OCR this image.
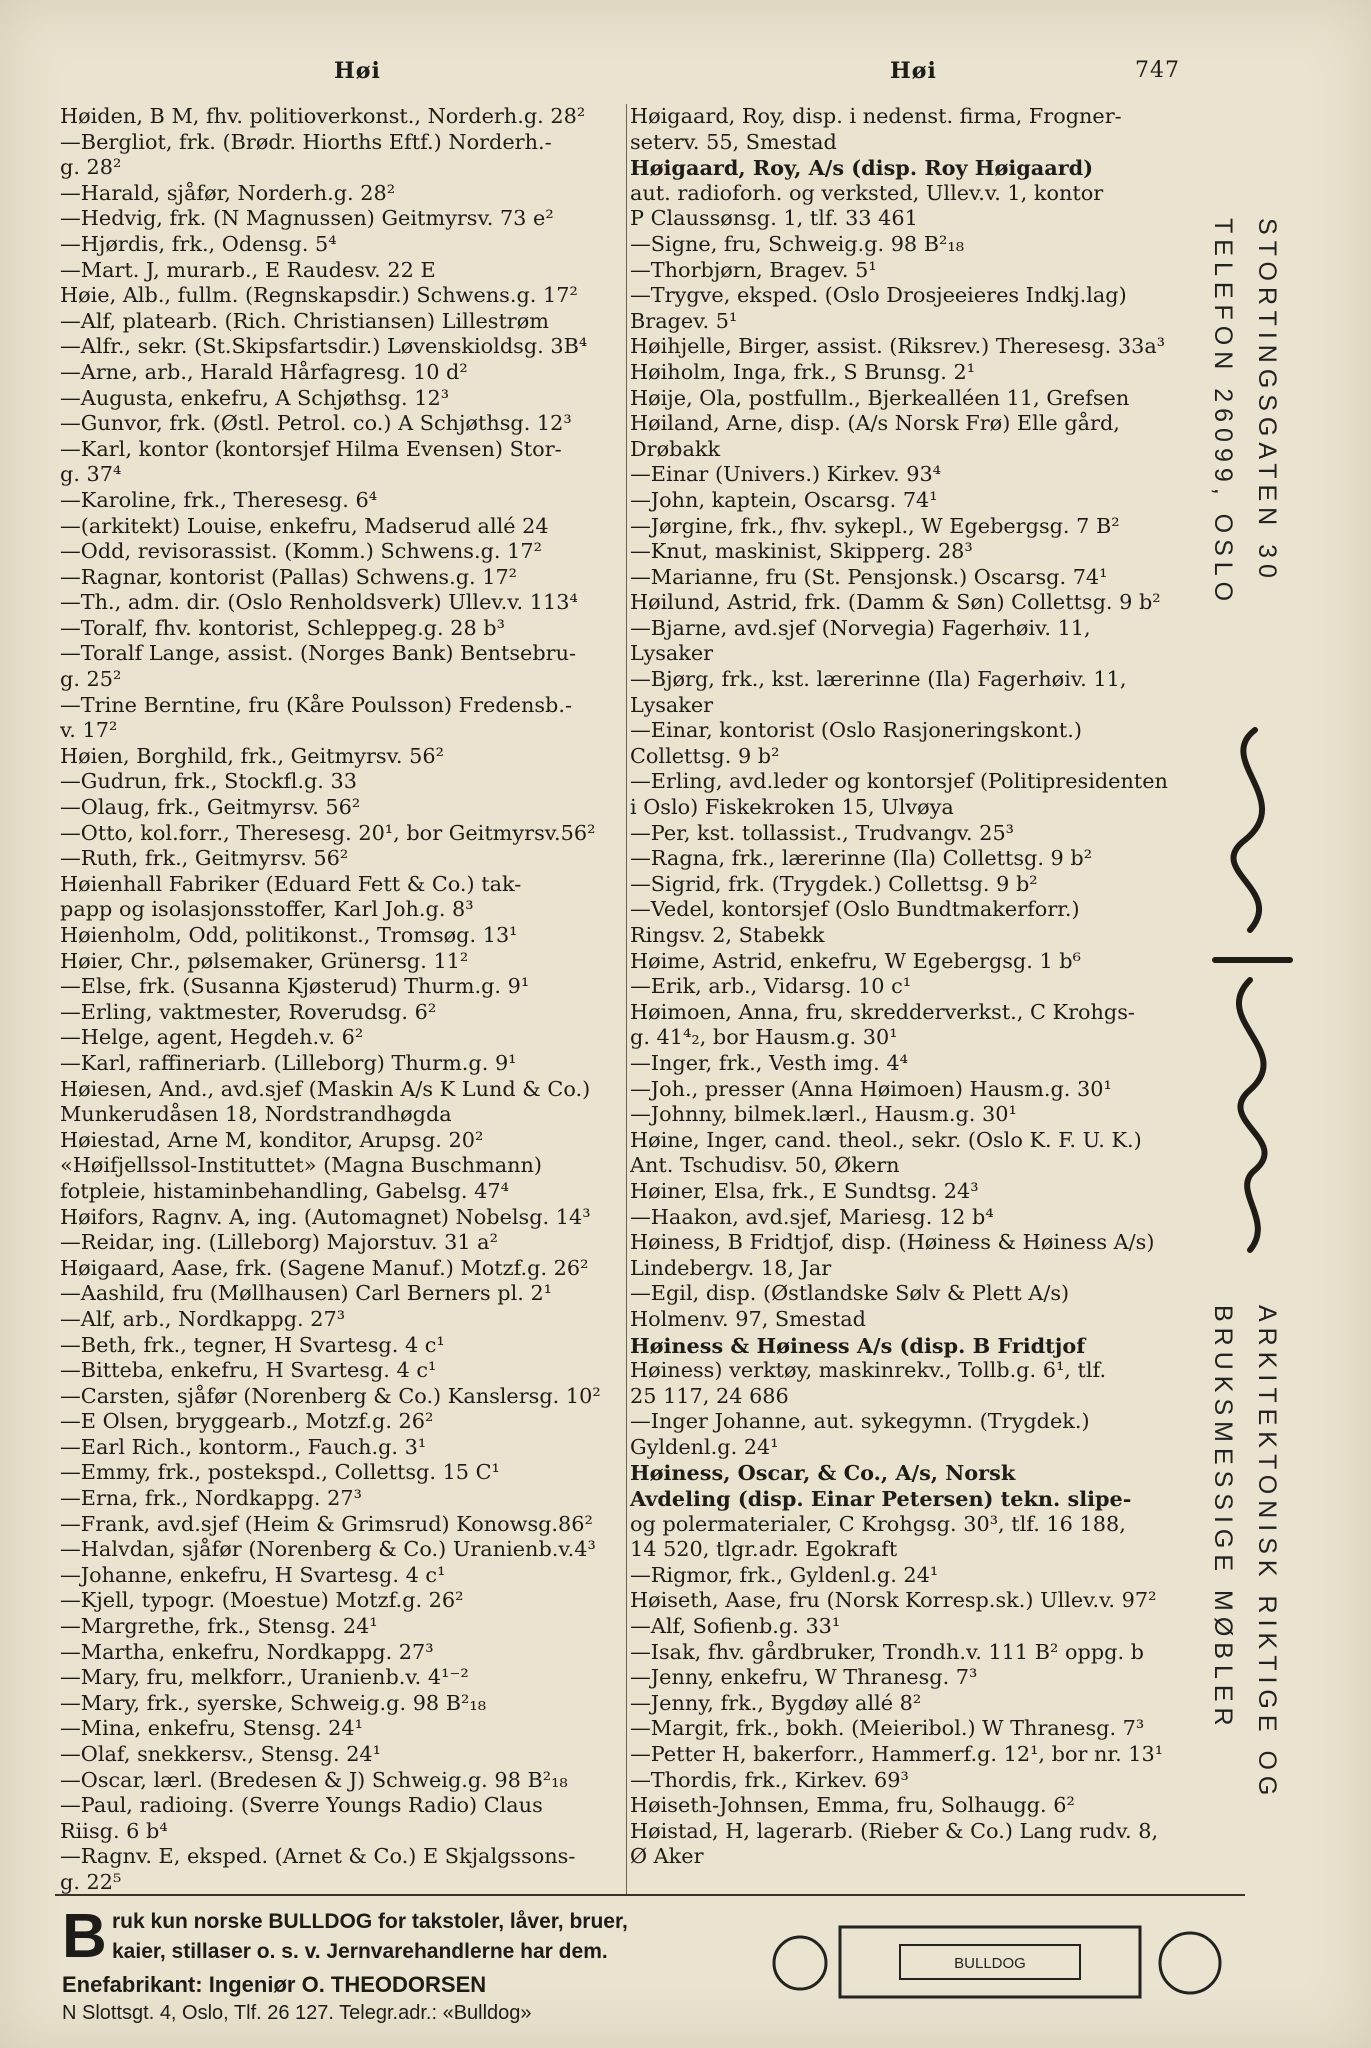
Høi	Høi	747
Høiden, B M, fhv. politioverkonst., Norderh.g. 28²
—Bergliot, frk. (Brødr. Hiorths Eftf.) Norderh.-
g. 28²
—Harald, sjåfør, Norderh.g. 28²
—Hedvig, frk. (N Magnussen) Geitmyrsv. 73 e²
—Hjørdis, frk., Odensg. 5⁴
—Mart. J, murarb., E Raudesv. 22 E
Høie, Alb., fullm. (Regnskapsdir.) Schwens.g. 17²
—Alf, platearb. (Rich. Christiansen) Lillestrøm
—Alfr., sekr. (St.Skipsfartsdir.) Løvenskioldsg. 3B⁴
—Arne, arb., Harald Hårfagresg. 10 d²
—Augusta, enkefru, A Schjøthsg. 12³
—Gunvor, frk. (Østl. Petrol. co.) A Schjøthsg. 12³
—Karl, kontor (kontorsjef Hilma Evensen) Stor-
g. 37⁴
—Karoline, frk., Theresesg. 6⁴
—(arkitekt) Louise, enkefru, Madserud allé 24
—Odd, revisorassist. (Komm.) Schwens.g. 17²
—Ragnar, kontorist (Pallas) Schwens.g. 17²
—Th., adm. dir. (Oslo Renholdsverk) Ullev.v. 113⁴
—Toralf, fhv. kontorist, Schleppeg.g. 28 b³
—Toralf Lange, assist. (Norges Bank) Bentsebru-
g. 25²
—Trine Berntine, fru (Kåre Poulsson) Fredensb.-
v. 17²
Høien, Borghild, frk., Geitmyrsv. 56²
—Gudrun, frk., Stockfl.g. 33
—Olaug, frk., Geitmyrsv. 56²
—Otto, kol.forr., Theresesg. 20¹, bor Geitmyrsv.56²
—Ruth, frk., Geitmyrsv. 56²
Høienhall Fabriker (Eduard Fett & Co.) tak-
papp og isolasjonsstoffer, Karl Joh.g. 8³
Høienholm, Odd, politikonst., Tromsøg. 13¹
Høier, Chr., pølsemaker, Grünersg. 11²
—Else, frk. (Susanna Kjøsterud) Thurm.g. 9¹
—Erling, vaktmester, Roverudsg. 6²
—Helge, agent, Hegdeh.v. 6²
—Karl, raffineriarb. (Lilleborg) Thurm.g. 9¹
Høiesen, And., avd.sjef (Maskin A/s K Lund & Co.)
Munkerudåsen 18, Nordstrandhøgda
Høiestad, Arne M, konditor, Arupsg. 20²
«Høifjellssol-Instituttet» (Magna Buschmann)
fotpleie, histaminbehandling, Gabelsg. 47⁴
Høifors, Ragnv. A, ing. (Automagnet) Nobelsg. 14³
—Reidar, ing. (Lilleborg) Majorstuv. 31 a²
Høigaard, Aase, frk. (Sagene Manuf.) Motzf.g. 26²
—Aashild, fru (Møllhausen) Carl Berners pl. 2¹
—Alf, arb., Nordkappg. 27³
—Beth, frk., tegner, H Svartesg. 4 c¹
—Bitteba, enkefru, H Svartesg. 4 c¹
—Carsten, sjåfør (Norenberg & Co.) Kanslersg. 10²
—E Olsen, bryggearb., Motzf.g. 26²
—Earl Rich., kontorm., Fauch.g. 3¹
—Emmy, frk., postekspd., Collettsg. 15 C¹
—Erna, frk., Nordkappg. 27³
—Frank, avd.sjef (Heim & Grimsrud) Konowsg.86²
—Halvdan, sjåfør (Norenberg & Co.) Uranienb.v.4³
—Johanne, enkefru, H Svartesg. 4 c¹
—Kjell, typogr. (Moestue) Motzf.g. 26²
—Margrethe, frk., Stensg. 24¹
—Martha, enkefru, Nordkappg. 27³
—Mary, fru, melkforr., Uranienb.v. 4¹⁻²
—Mary, frk., syerske, Schweig.g. 98 B²₁₈
—Mina, enkefru, Stensg. 24¹
—Olaf, snekkersv., Stensg. 24¹
—Oscar, lærl. (Bredesen & J) Schweig.g. 98 B²₁₈
—Paul, radioing. (Sverre Youngs Radio) Claus
Riisg. 6 b⁴
—Ragnv. E, eksped. (Arnet & Co.) E Skjalgssons-
g. 22⁵
Høigaard, Roy, disp. i nedenst. firma, Frogner-
seterv. 55, Smestad
Høigaard, Roy, A/s (disp. Roy Høigaard)
aut. radioforh. og verksted, Ullev.v. 1, kontor
P Claussønsg. 1, tlf. 33 461
—Signe, fru, Schweig.g. 98 B²₁₈
—Thorbjørn, Bragev. 5¹
—Trygve, eksped. (Oslo Drosjeeieres Indkj.lag)
Bragev. 5¹
Høihjelle, Birger, assist. (Riksrev.) Theresesg. 33a³
Høiholm, Inga, frk., S Brunsg. 2¹
Høije, Ola, postfullm., Bjerkealléen 11, Grefsen
Høiland, Arne, disp. (A/s Norsk Frø) Elle gård,
Drøbakk
—Einar (Univers.) Kirkev. 93⁴
—John, kaptein, Oscarsg. 74¹
—Jørgine, frk., fhv. sykepl., W Egebergsg. 7 B²
—Knut, maskinist, Skipperg. 28³
—Marianne, fru (St. Pensjonsk.) Oscarsg. 74¹
Høilund, Astrid, frk. (Damm & Søn) Collettsg. 9 b²
—Bjarne, avd.sjef (Norvegia) Fagerhøiv. 11,
Lysaker
—Bjørg, frk., kst. lærerinne (Ila) Fagerhøiv. 11,
Lysaker
—Einar, kontorist (Oslo Rasjoneringskont.)
Collettsg. 9 b²
—Erling, avd.leder og kontorsjef (Politipresidenten
i Oslo) Fiskekroken 15, Ulvøya
—Per, kst. tollassist., Trudvangv. 25³
—Ragna, frk., lærerinne (Ila) Collettsg. 9 b²
—Sigrid, frk. (Trygdek.) Collettsg. 9 b²
—Vedel, kontorsjef (Oslo Bundtmakerforr.)
Ringsv. 2, Stabekk
Høime, Astrid, enkefru, W Egebergsg. 1 b⁶
—Erik, arb., Vidarsg. 10 c¹
Høimoen, Anna, fru, skredderverkst., C Krohgs-
g. 41⁴₂, bor Hausm.g. 30¹
—Inger, frk., Vesth img. 4⁴
—Joh., presser (Anna Høimoen) Hausm.g. 30¹
—Johnny, bilmek.lærl., Hausm.g. 30¹
Høine, Inger, cand. theol., sekr. (Oslo K. F. U. K.)
Ant. Tschudisv. 50, Økern
Høiner, Elsa, frk., E Sundtsg. 24³
—Haakon, avd.sjef, Mariesg. 12 b⁴
Høiness, B Fridtjof, disp. (Høiness & Høiness A/s)
Lindebergv. 18, Jar
—Egil, disp. (Østlandske Sølv & Plett A/s)
Holmenv. 97, Smestad
Høiness & Høiness A/s (disp. B Fridtjof
Høiness) verktøy, maskinrekv., Tollb.g. 6¹, tlf.
25 117, 24 686
—Inger Johanne, aut. sykegymn. (Trygdek.)
Gyldenl.g. 24¹
Høiness, Oscar, & Co., A/s, Norsk
Avdeling (disp. Einar Petersen) tekn. slipe-
og polermaterialer, C Krohgsg. 30³, tlf. 16 188,
14 520, tlgr.adr. Egokraft
—Rigmor, frk., Gyldenl.g. 24¹
Høiseth, Aase, fru (Norsk Korresp.sk.) Ullev.v. 97²
—Alf, Sofienb.g. 33¹
—Isak, fhv. gårdbruker, Trondh.v. 111 B² oppg. b
—Jenny, enkefru, W Thranesg. 7³
—Jenny, frk., Bygdøy allé 8²
—Margit, frk., bokh. (Meieribol.) W Thranesg. 7³
—Petter H, bakerforr., Hammerf.g. 12¹, bor nr. 13¹
—Thordis, frk., Kirkev. 69³
Høiseth-Johnsen, Emma, fru, Solhaugg. 6²
Høistad, H, lagerarb. (Rieber & Co.) Lang rudv. 8,
Ø Aker
STORTINGSGATEN 30
TELEFON 26099, OSLO
ARKITEKTONISK RIKTIGE OG
BRUKSMESSIGE MØBLER
B ruk kun norske BULLDOG for takstoler, låver, bruer,
kaier, stillaser o. s. v. Jernvarehandlerne har dem.
Enefabrikant: Ingeniør O. THEODORSEN
N Slottsgt. 4, Oslo, Tlf. 26 127. Telegr.adr.: «Bulldog»
BULLDOG
